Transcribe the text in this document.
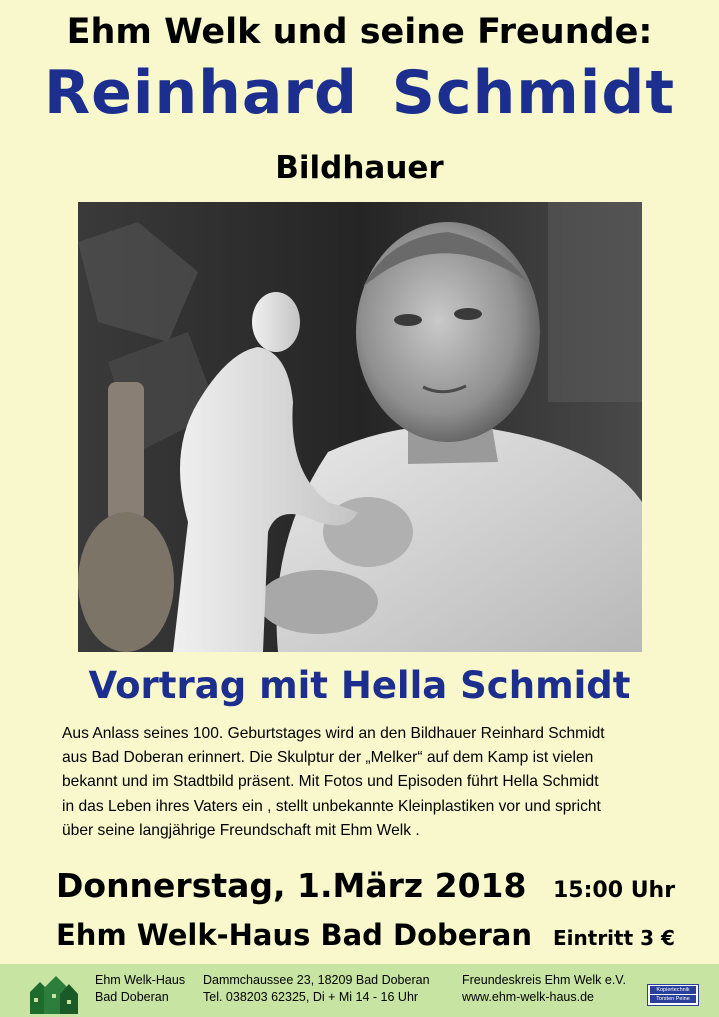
Ehm Welk und seine Freunde:
Reinhard Schmidt
Bildhauer
Vortrag mit Hella Schmidt
Aus Anlass seines 100. Geburtstages wird an den Bildhauer Reinhard Schmidt
aus Bad Doberan erinnert. Die Skulptur der „Melker“ auf dem Kamp ist vielen
bekannt und im Stadtbild präsent. Mit Fotos und Episoden führt Hella Schmidt
in das Leben ihres Vaters ein , stellt unbekannte Kleinplastiken vor und spricht
über seine langjährige Freundschaft mit Ehm Welk .
Donnerstag, 1.März 2018 15:00 Uhr
Ehm Welk-Haus Bad Doberan Eintritt 3 €
Ehm Welk-Haus
Bad Doberan
Dammchaussee 23, 18209 Bad Doberan
Tel. 038203 62325, Di + Mi 14 - 16 Uhr
Freundeskreis Ehm Welk e.V.
www.ehm-welk-haus.de	Kopiertechnik
Torsten Peine
